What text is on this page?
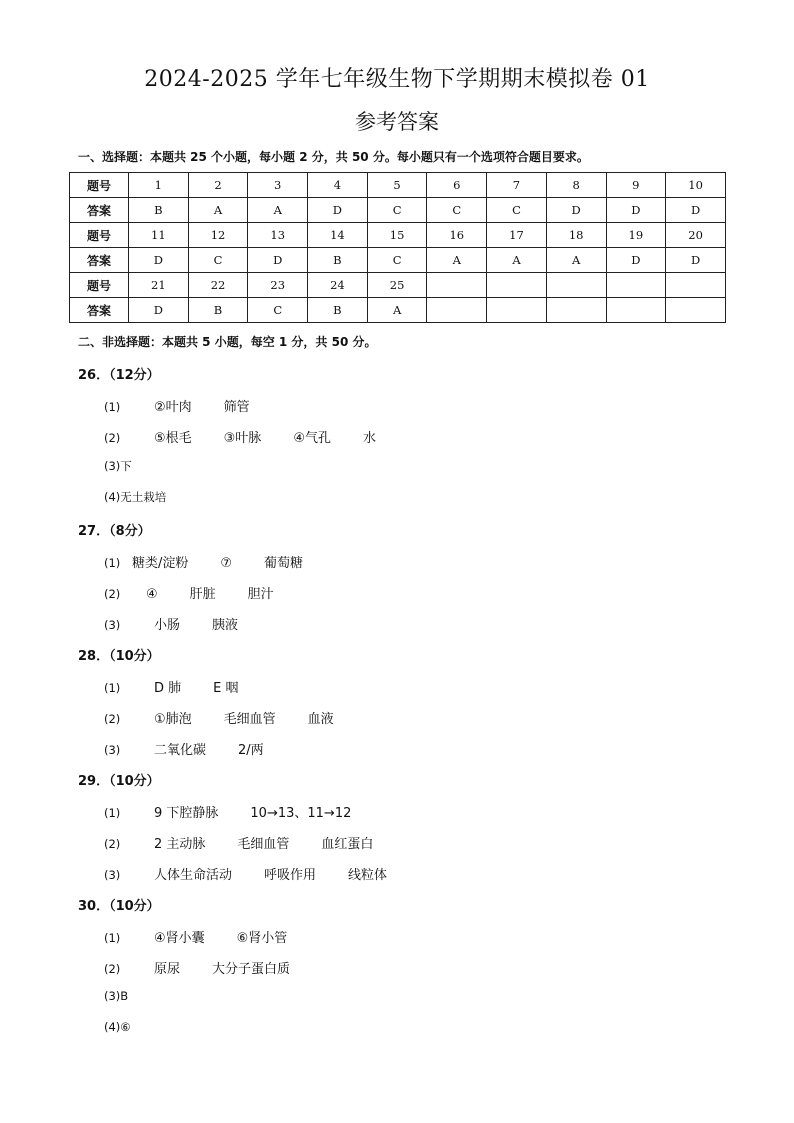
2024-2025 学年七年级生物下学期期末模拟卷 01
参考答案
一、选择题：本题共 25 个小题，每小题 2 分，共 50 分。每小题只有一个选项符合题目要求。
题号	1	2	3	4	5	6	7	8	9	10
答案	B	A	A	D	C	C	C	D	D	D
题号	11	12	13	14	15	16	17	18	19	20
答案	D	C	D	B	C	A	A	A	D	D
题号	21	22	23	24	25					
答案	D	B	C	B	A					
二、非选择题：本题共 5 小题，每空 1 分，共 50 分。
26．（12分）
(1)	②叶肉 筛管
(2)	⑤根毛 ③叶脉 ④气孔 水
(3)下
(4)无土栽培
27．（8分）
(1) 糖类/淀粉 ⑦ 葡萄糖
(2) ④ 肝脏 胆汁
(3)	小肠 胰液
28．（10分）
(1)	D 肺 E 咽
(2)	①肺泡 毛细血管 血液
(3)	二氧化碳 2/两
29．（10分）
(1)	9 下腔静脉 10→13、11→12
(2)	2 主动脉 毛细血管 血红蛋白
(3)	人体生命活动 呼吸作用 线粒体
30．（10分）
(1)	④肾小囊 ⑥肾小管
(2)	原尿 大分子蛋白质
(3)B
(4)⑥
